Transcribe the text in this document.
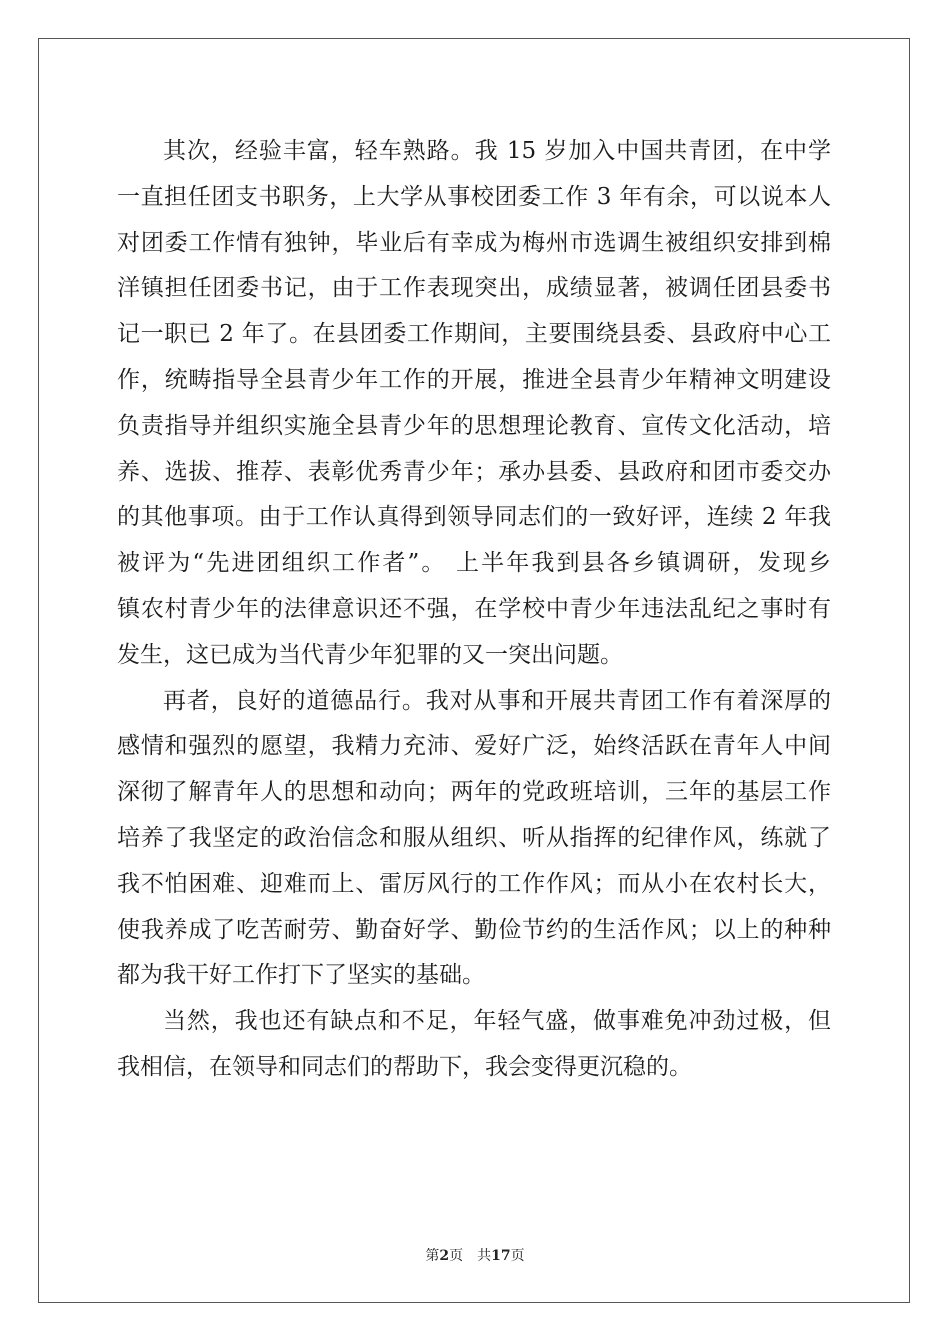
其次，经验丰富，轻车熟路。我 15 岁加入中国共青团，在中学
一直担任团支书职务，上大学从事校团委工作 3 年有余，可以说本人
对团委工作情有独钟，毕业后有幸成为梅州市选调生被组织安排到棉
洋镇担任团委书记，由于工作表现突出，成绩显著，被调任团县委书
记一职已 2 年了。在县团委工作期间，主要围绕县委、县政府中心工
作，统畴指导全县青少年工作的开展，推进全县青少年精神文明建设
负责指导并组织实施全县青少年的思想理论教育、宣传文化活动，培
养、选拔、推荐、表彰优秀青少年；承办县委、县政府和团市委交办
的其他事项。由于工作认真得到领导同志们的一致好评，连续 2 年我
被评为“先进团组织工作者”。 上半年我到县各乡镇调研，发现乡
镇农村青少年的法律意识还不强，在学校中青少年违法乱纪之事时有
发生，这已成为当代青少年犯罪的又一突出问题。
再者，良好的道德品行。我对从事和开展共青团工作有着深厚的
感情和强烈的愿望，我精力充沛、爱好广泛，始终活跃在青年人中间
深彻了解青年人的思想和动向；两年的党政班培训，三年的基层工作
培养了我坚定的政治信念和服从组织、听从指挥的纪律作风，练就了
我不怕困难、迎难而上、雷厉风行的工作作风；而从小在农村长大，
使我养成了吃苦耐劳、勤奋好学、勤俭节约的生活作风；以上的种种
都为我干好工作打下了坚实的基础。
当然，我也还有缺点和不足，年轻气盛，做事难免冲劲过极，但
我相信，在领导和同志们的帮助下，我会变得更沉稳的。
第2页 共17页
